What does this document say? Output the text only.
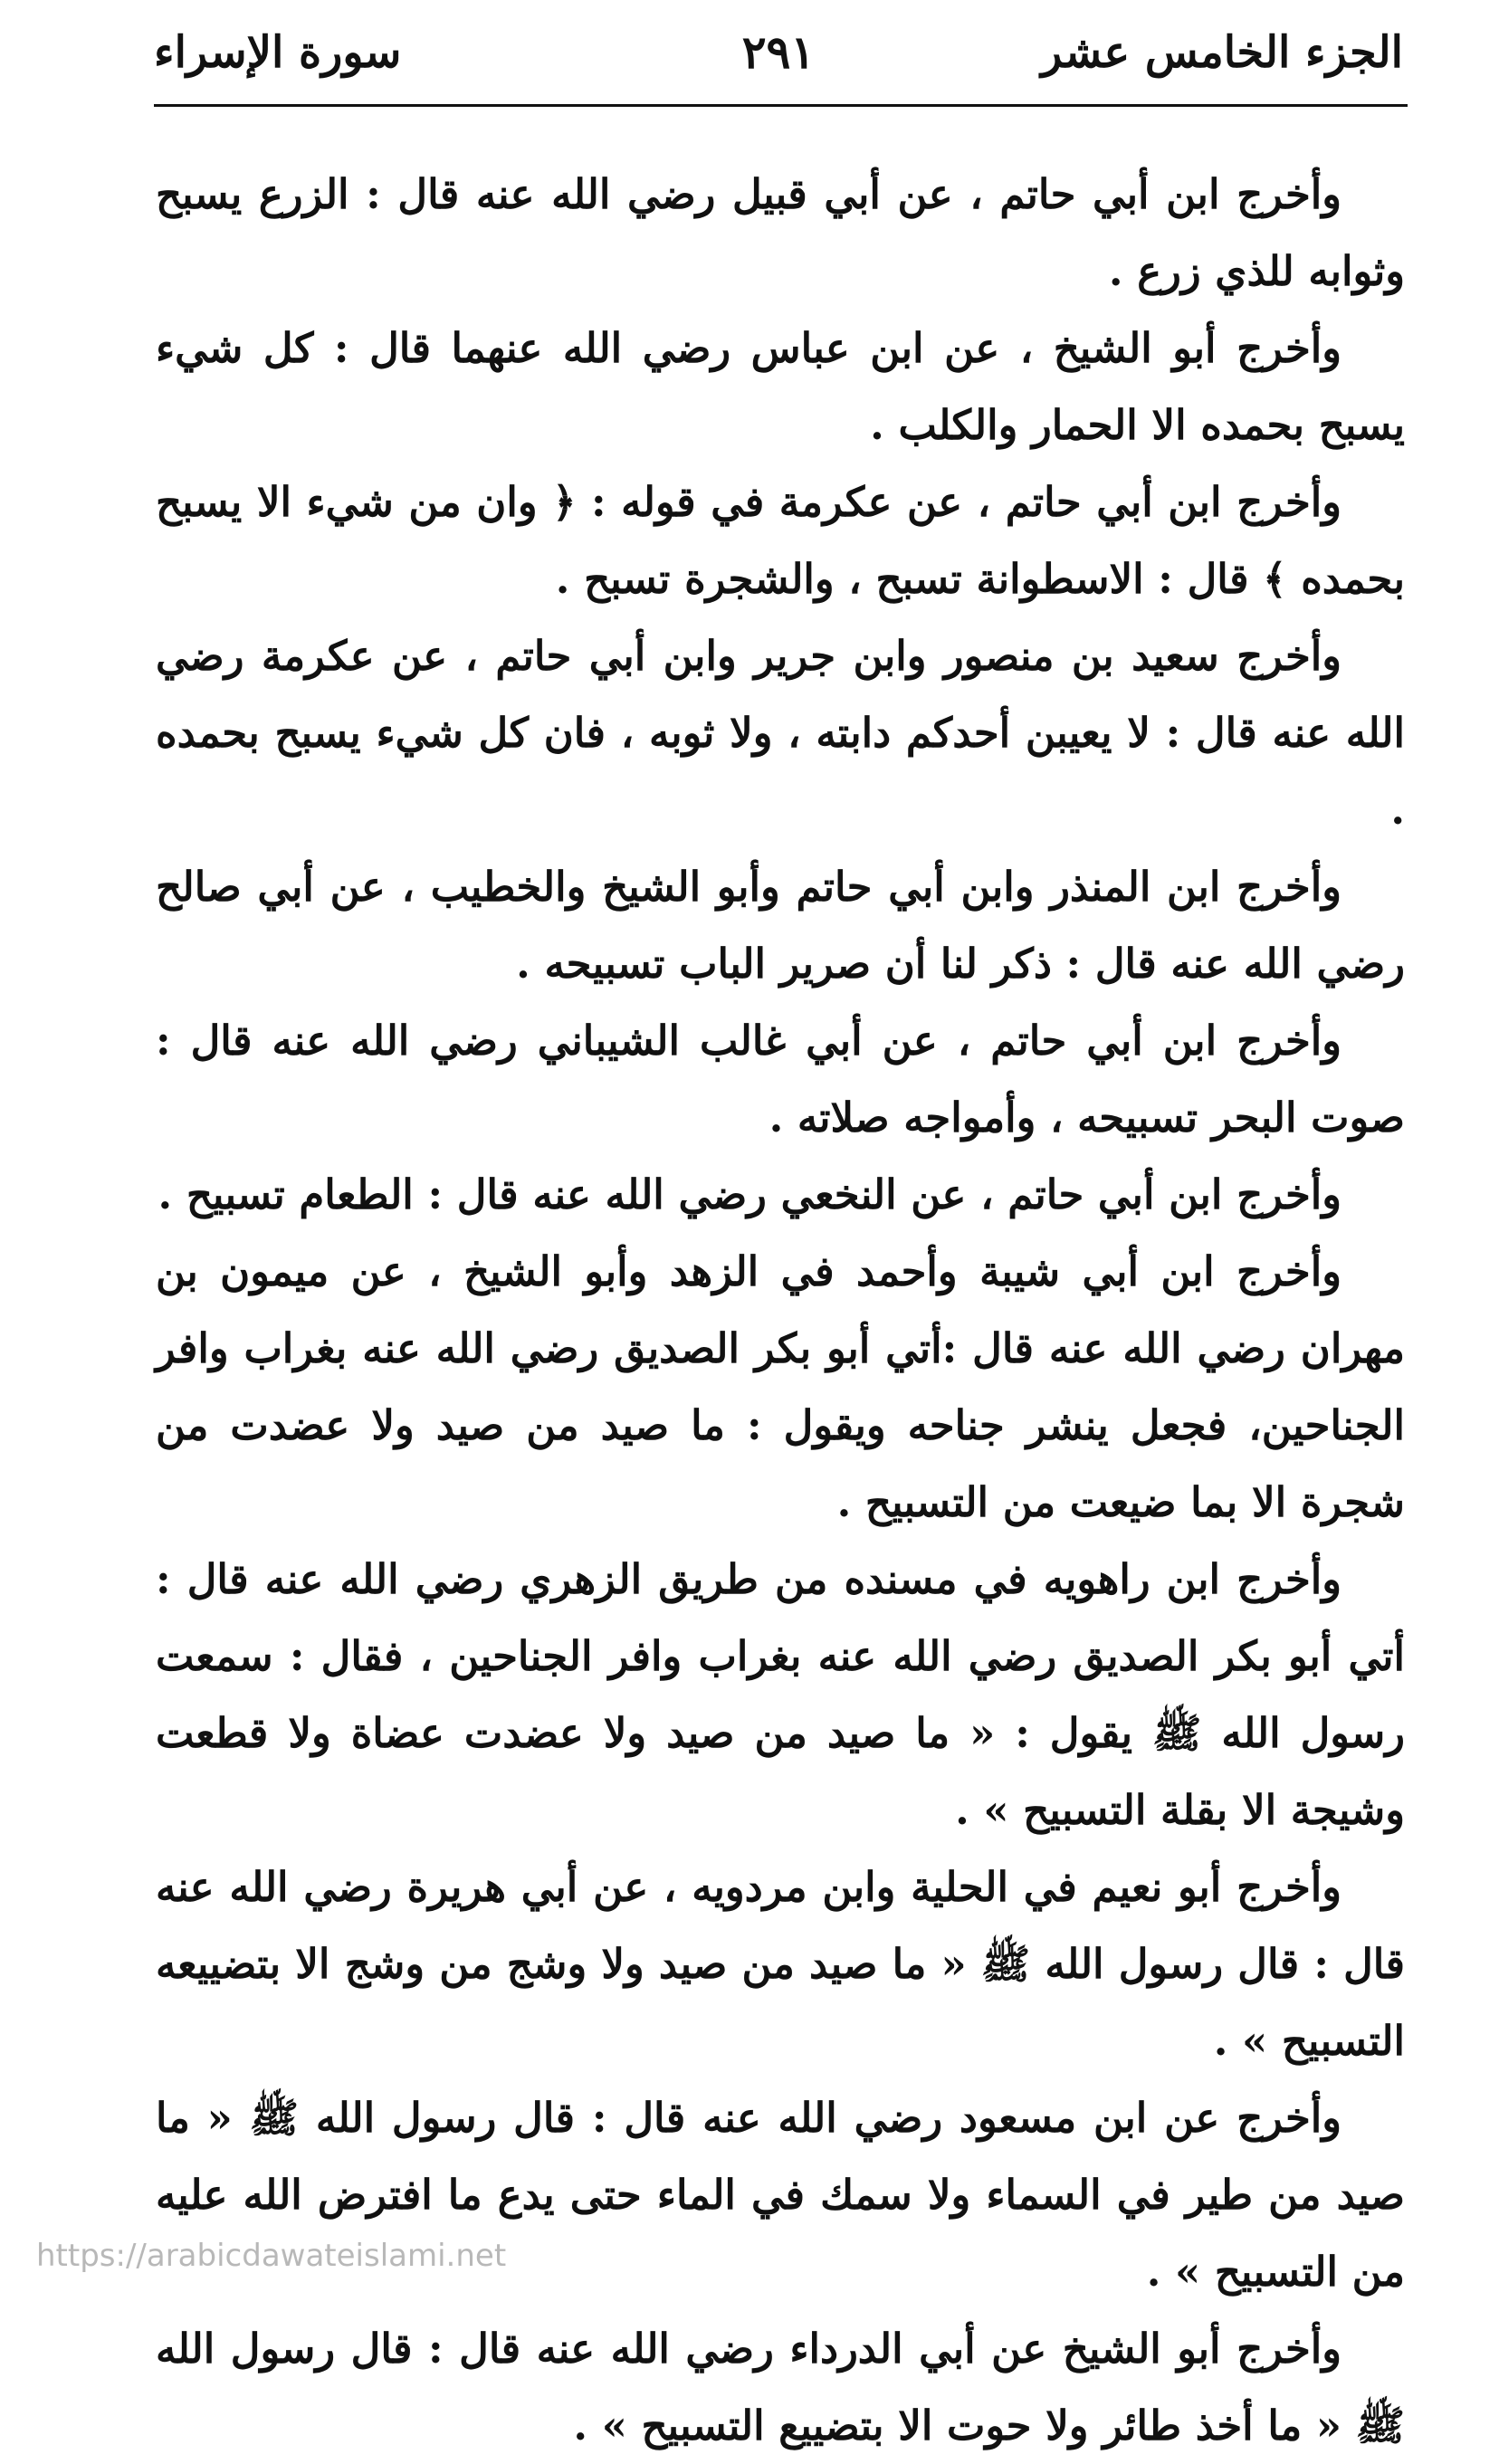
الجزء الخامس عشر
٢٩١
سورة الإسراء

وأخرج ابن أبي حاتم ، عن أبي قبيل رضي الله عنه قال : الزرع يسبح وثوابه للذي زرع .

وأخرج أبو الشيخ ، عن ابن عباس رضي الله عنهما قال : كل شيء يسبح بحمده الا الحمار والكلب .

وأخرج ابن أبي حاتم ، عن عكرمة في قوله : ﴿ وان من شيء الا يسبح بحمده ﴾ قال : الاسطوانة تسبح ، والشجرة تسبح .

وأخرج سعيد بن منصور وابن جرير وابن أبي حاتم ، عن عكرمة رضي الله عنه قال : لا يعيبن أحدكم دابته ، ولا ثوبه ، فان كل شيء يسبح بحمده .

وأخرج ابن المنذر وابن أبي حاتم وأبو الشيخ والخطيب ، عن أبي صالح رضي الله عنه قال : ذكر لنا أن صرير الباب تسبيحه .

وأخرج ابن أبي حاتم ، عن أبي غالب الشيباني رضي الله عنه قال : صوت البحر تسبيحه ، وأمواجه صلاته .

وأخرج ابن أبي حاتم ، عن النخعي رضي الله عنه قال : الطعام تسبيح .

وأخرج ابن أبي شيبة وأحمد في الزهد وأبو الشيخ ، عن ميمون بن مهران رضي الله عنه قال :أتي أبو بكر الصديق رضي الله عنه بغراب وافر الجناحين، فجعل ينشر جناحه ويقول : ما صيد من صيد ولا عضدت من شجرة الا بما ضيعت من التسبيح .

وأخرج ابن راهويه في مسنده من طريق الزهري رضي الله عنه قال : أتي أبو بكر الصديق رضي الله عنه بغراب وافر الجناحين ، فقال : سمعت رسول الله ﷺ يقول : « ما صيد من صيد ولا عضدت عضاة ولا قطعت وشيجة الا بقلة التسبيح » .

وأخرج أبو نعيم في الحلية وابن مردويه ، عن أبي هريرة رضي الله عنه قال : قال رسول الله ﷺ « ما صيد من صيد ولا وشج من وشج الا بتضييعه التسبيح » .

وأخرج عن ابن مسعود رضي الله عنه قال : قال رسول الله ﷺ « ما صيد من طير في السماء ولا سمك في الماء حتى يدع ما افترض الله عليه من التسبيح » .

وأخرج أبو الشيخ عن أبي الدرداء رضي الله عنه قال : قال رسول الله ﷺ « ما أخذ طائر ولا حوت الا بتضييع التسبيح » .

https://arabicdawateislami.net
